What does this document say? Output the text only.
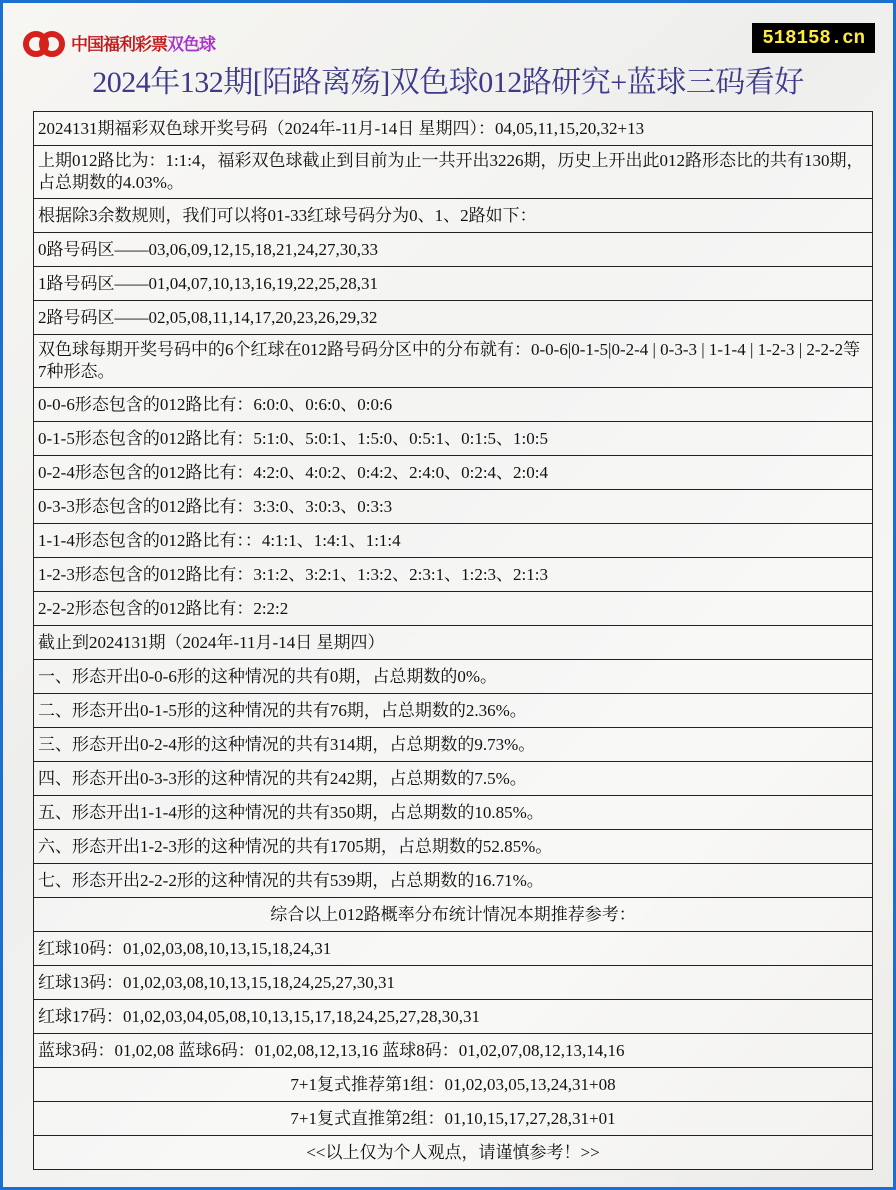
中国福利彩票双色球	518158.cn
2024年132期[陌路离殇]双色球012路研究+蓝球三码看好
2024131期福彩双色球开奖号码（2024年-11月-14日 星期四）：04,05,11,15,20,32+13
上期012路比为：1:1:4，福彩双色球截止到目前为止一共开出3226期，历史上开出此012路形态比的共有130期，占总期数的4.03%。
根据除3余数规则，我们可以将01-33红球号码分为0、1、2路如下：
0路号码区——03,06,09,12,15,18,21,24,27,30,33
1路号码区——01,04,07,10,13,16,19,22,25,28,31
2路号码区——02,05,08,11,14,17,20,23,26,29,32
双色球每期开奖号码中的6个红球在012路号码分区中的分布就有：0-0-6|0-1-5|0-2-4 | 0-3-3 | 1-1-4 | 1-2-3 | 2-2-2等7种形态。
0-0-6形态包含的012路比有：6:0:0、0:6:0、0:0:6
0-1-5形态包含的012路比有：5:1:0、5:0:1、1:5:0、0:5:1、0:1:5、1:0:5
0-2-4形态包含的012路比有：4:2:0、4:0:2、0:4:2、2:4:0、0:2:4、2:0:4
0-3-3形态包含的012路比有：3:3:0、3:0:3、0:3:3
1-1-4形态包含的012路比有：：4:1:1、1:4:1、1:1:4
1-2-3形态包含的012路比有：3:1:2、3:2:1、1:3:2、2:3:1、1:2:3、2:1:3
2-2-2形态包含的012路比有：2:2:2
截止到2024131期（2024年-11月-14日 星期四）
一、形态开出0-0-6形的这种情况的共有0期，占总期数的0%。
二、形态开出0-1-5形的这种情况的共有76期，占总期数的2.36%。
三、形态开出0-2-4形的这种情况的共有314期，占总期数的9.73%。
四、形态开出0-3-3形的这种情况的共有242期，占总期数的7.5%。
五、形态开出1-1-4形的这种情况的共有350期，占总期数的10.85%。
六、形态开出1-2-3形的这种情况的共有1705期，占总期数的52.85%。
七、形态开出2-2-2形的这种情况的共有539期，占总期数的16.71%。
综合以上012路概率分布统计情况本期推荐参考：
红球10码：01,02,03,08,10,13,15,18,24,31
红球13码：01,02,03,08,10,13,15,18,24,25,27,30,31
红球17码：01,02,03,04,05,08,10,13,15,17,18,24,25,27,28,30,31
蓝球3码：01,02,08 蓝球6码：01,02,08,12,13,16 蓝球8码：01,02,07,08,12,13,14,16
7+1复式推荐第1组：01,02,03,05,13,24,31+08
7+1复式直推第2组：01,10,15,17,27,28,31+01
<<以上仅为个人观点，请谨慎参考！>>
